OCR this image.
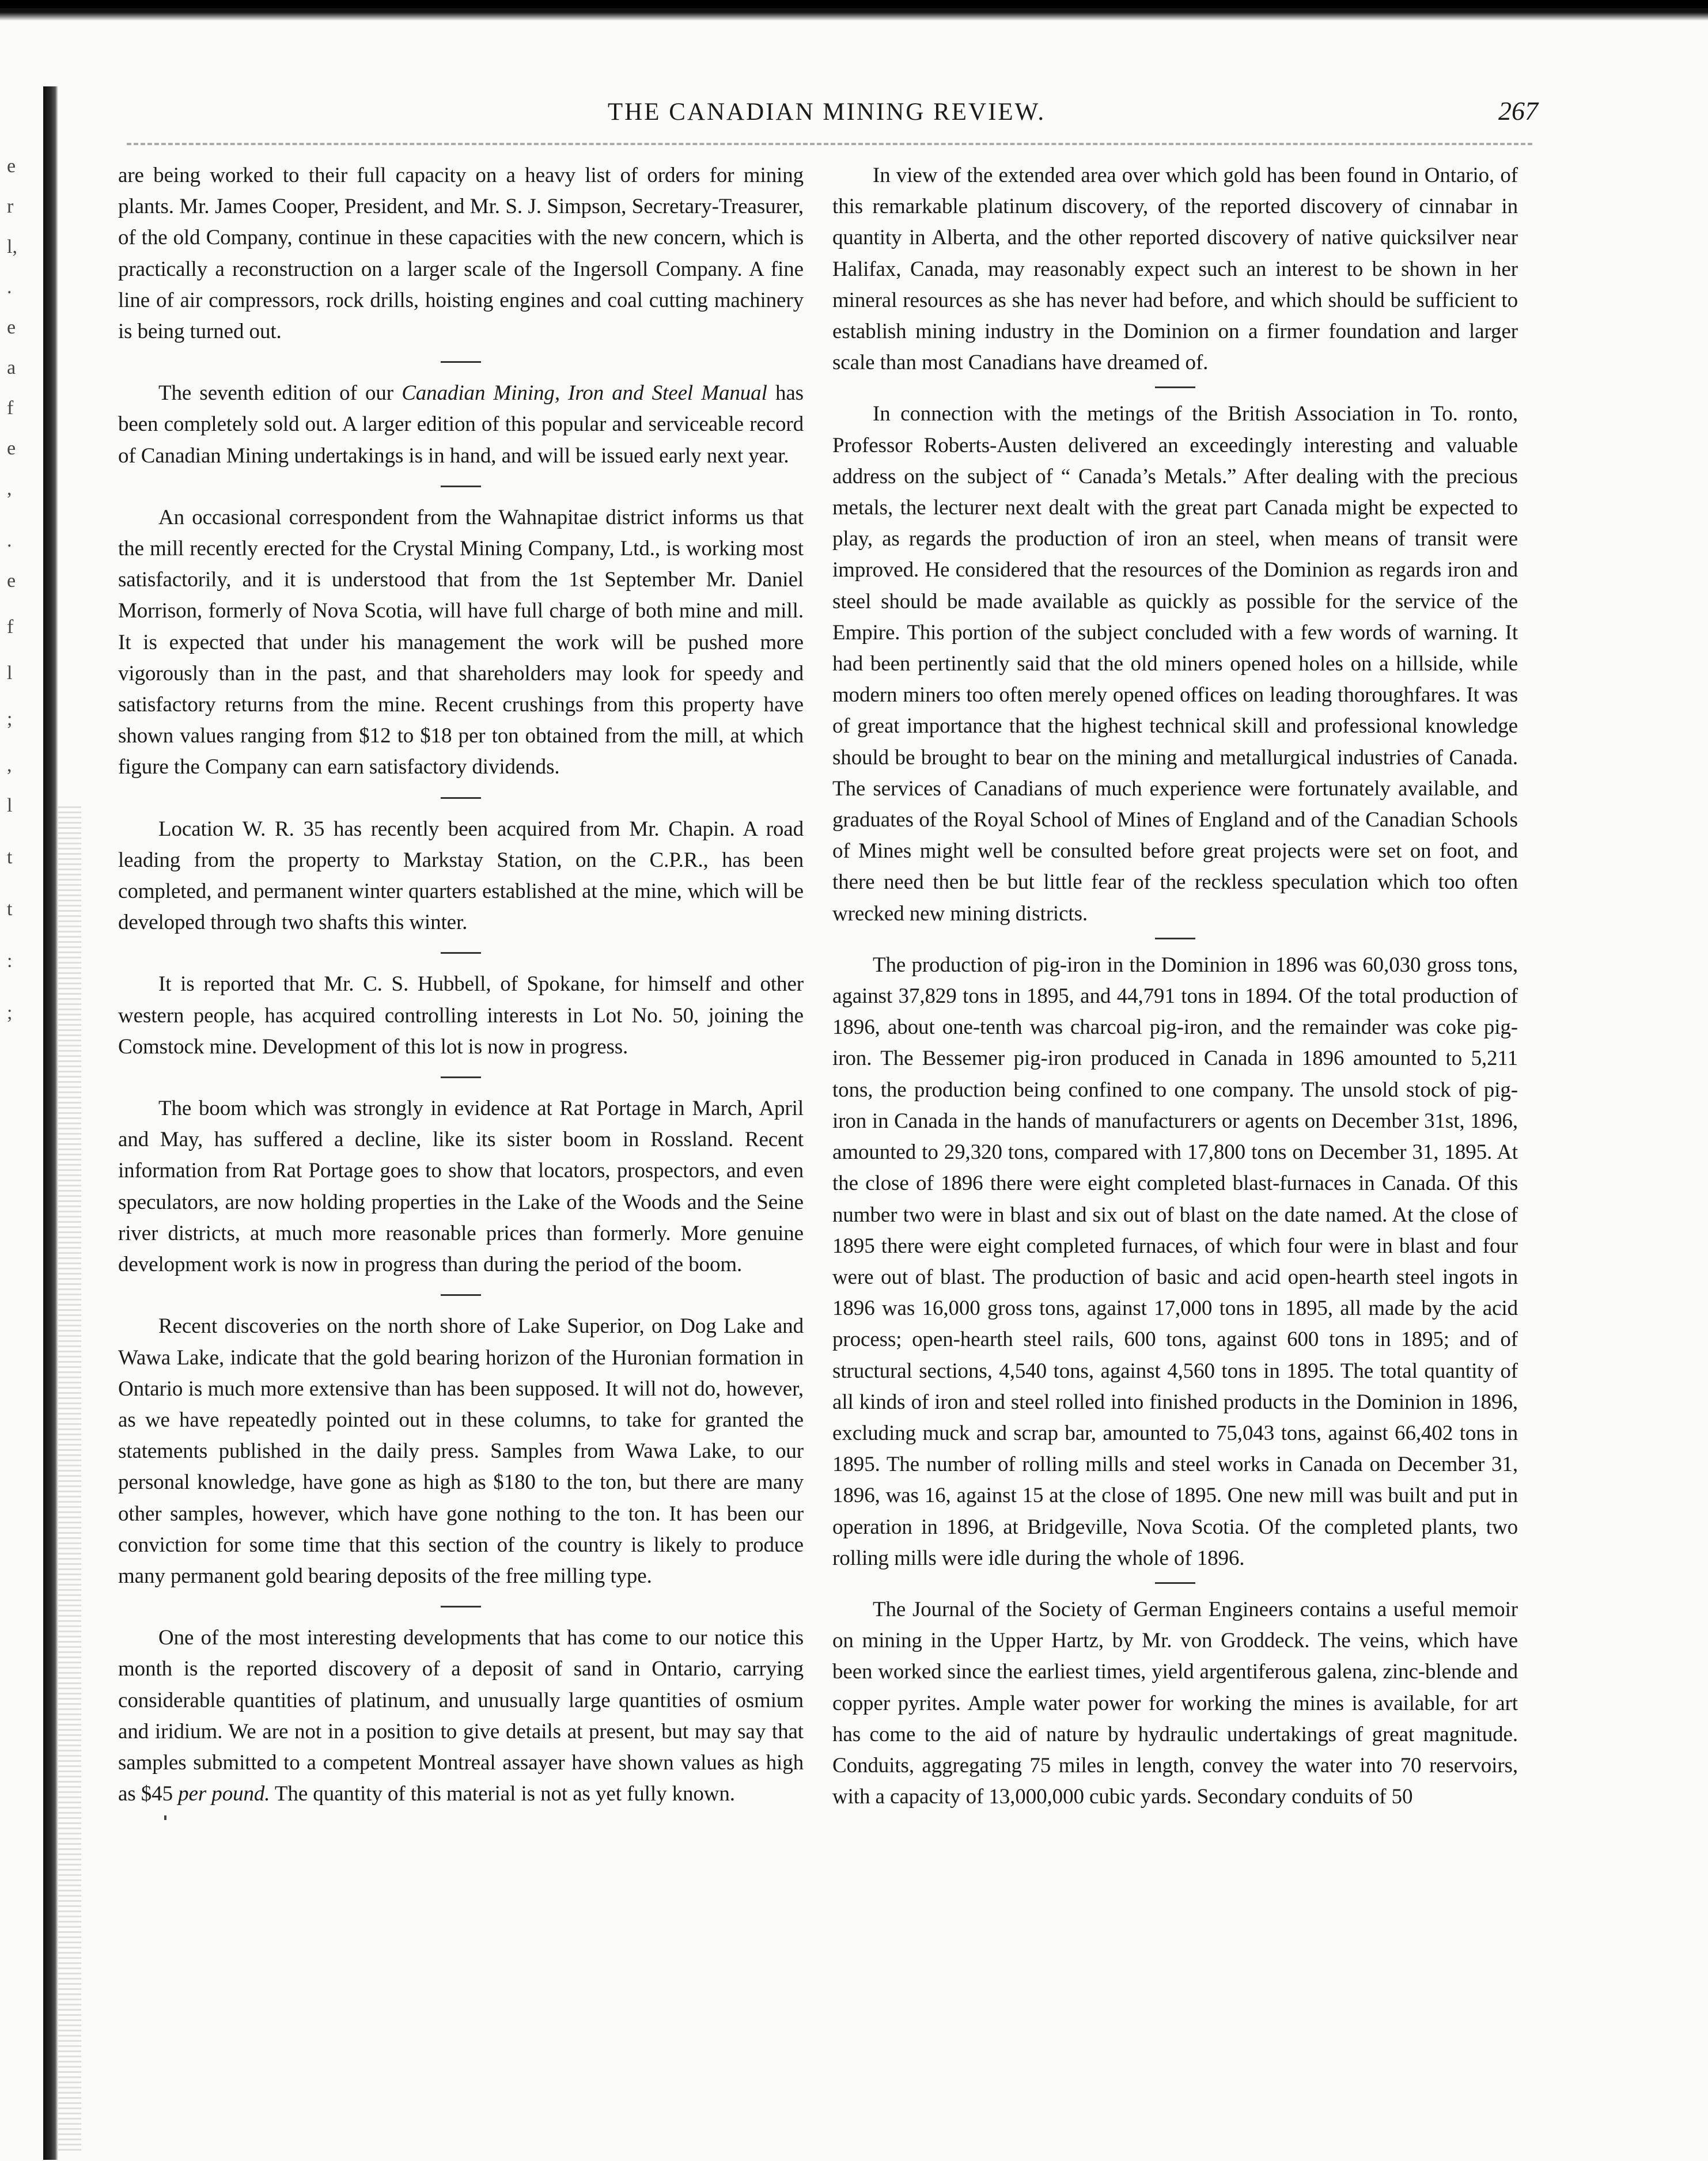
e
r
l,
.
e
a
f
e
,
.
e
f
l
;
,
l
t
t
:
;
THE CANADIAN MINING REVIEW.	267

are being worked to their full capacity on a heavy list of orders for mining plants. Mr. James Cooper, President, and Mr. S. J. Simpson, Secretary-Treasurer, of the old Company, continue in these capacities with the new concern, which is practically a reconstruction on a larger scale of the Ingersoll Company. A fine line of air compressors, rock drills, hoisting engines and coal cutting machinery is being turned out.

The seventh edition of our Canadian Mining, Iron and Steel Manual has been completely sold out. A larger edition of this popular and serviceable record of Canadian Mining undertakings is in hand, and will be issued early next year.

An occasional correspondent from the Wahnapitae district informs us that the mill recently erected for the Crystal Mining Company, Ltd., is working most satisfactorily, and it is understood that from the 1st September Mr. Daniel Morrison, formerly of Nova Scotia, will have full charge of both mine and mill. It is expected that under his management the work will be pushed more vigorously than in the past, and that shareholders may look for speedy and satisfactory returns from the mine. Recent crushings from this property have shown values ranging from $12 to $18 per ton obtained from the mill, at which figure the Company can earn satisfactory dividends.

Location W. R. 35 has recently been acquired from Mr. Chapin. A road leading from the property to Markstay Station, on the C.P.R., has been completed, and permanent winter quarters established at the mine, which will be developed through two shafts this winter.

It is reported that Mr. C. S. Hubbell, of Spokane, for himself and other western people, has acquired controlling interests in Lot No. 50, joining the Comstock mine. Development of this lot is now in progress.

The boom which was strongly in evidence at Rat Portage in March, April and May, has suffered a decline, like its sister boom in Rossland. Recent information from Rat Portage goes to show that locators, prospectors, and even speculators, are now holding properties in the Lake of the Woods and the Seine river districts, at much more reasonable prices than formerly. More genuine development work is now in progress than during the period of the boom.

Recent discoveries on the north shore of Lake Superior, on Dog Lake and Wawa Lake, indicate that the gold bearing horizon of the Huronian formation in Ontario is much more extensive than has been supposed. It will not do, however, as we have repeatedly pointed out in these columns, to take for granted the statements published in the daily press. Samples from Wawa Lake, to our personal knowledge, have gone as high as $180 to the ton, but there are many other samples, however, which have gone nothing to the ton. It has been our conviction for some time that this section of the country is likely to produce many permanent gold bearing deposits of the free milling type.

One of the most interesting developments that has come to our notice this month is the reported discovery of a deposit of sand in Ontario, carrying considerable quantities of platinum, and unusually large quantities of osmium and iridium. We are not in a position to give details at present, but may say that samples submitted to a competent Montreal assayer have shown values as high as $45 per pound. The quantity of this material is not as yet fully known.

In view of the extended area over which gold has been found in Ontario, of this remarkable platinum discovery, of the reported discovery of cinnabar in quantity in Alberta, and the other reported discovery of native quicksilver near Halifax, Canada, may reasonably expect such an interest to be shown in her mineral resources as she has never had before, and which should be sufficient to establish mining industry in the Dominion on a firmer foundation and larger scale than most Canadians have dreamed of.

In connection with the metings of the British Association in To. ronto, Professor Roberts-Austen delivered an exceedingly interesting and valuable address on the subject of “ Canada’s Metals.” After dealing with the precious metals, the lecturer next dealt with the great part Canada might be expected to play, as regards the production of iron an steel, when means of transit were improved. He considered that the resources of the Dominion as regards iron and steel should be made available as quickly as possible for the service of the Empire. This portion of the subject concluded with a few words of warning. It had been pertinently said that the old miners opened holes on a hillside, while modern miners too often merely opened offices on leading thoroughfares. It was of great importance that the highest technical skill and professional knowledge should be brought to bear on the mining and metallurgical industries of Canada. The services of Canadians of much experience were fortunately available, and graduates of the Royal School of Mines of England and of the Canadian Schools of Mines might well be consulted before great projects were set on foot, and there need then be but little fear of the reckless speculation which too often wrecked new mining districts.

The production of pig-iron in the Dominion in 1896 was 60,030 gross tons, against 37,829 tons in 1895, and 44,791 tons in 1894. Of the total production of 1896, about one-tenth was charcoal pig-iron, and the remainder was coke pig-iron. The Bessemer pig-iron produced in Canada in 1896 amounted to 5,211 tons, the production being confined to one company. The unsold stock of pig-iron in Canada in the hands of manufacturers or agents on December 31st, 1896, amounted to 29,320 tons, compared with 17,800 tons on December 31, 1895. At the close of 1896 there were eight completed blast-furnaces in Canada. Of this number two were in blast and six out of blast on the date named. At the close of 1895 there were eight completed furnaces, of which four were in blast and four were out of blast. The production of basic and acid open-hearth steel ingots in 1896 was 16,000 gross tons, against 17,000 tons in 1895, all made by the acid process; open-hearth steel rails, 600 tons, against 600 tons in 1895; and of structural sections, 4,540 tons, against 4,560 tons in 1895. The total quantity of all kinds of iron and steel rolled into finished products in the Dominion in 1896, excluding muck and scrap bar, amounted to 75,043 tons, against 66,402 tons in 1895. The number of rolling mills and steel works in Canada on December 31, 1896, was 16, against 15 at the close of 1895. One new mill was built and put in operation in 1896, at Bridgeville, Nova Scotia. Of the completed plants, two rolling mills were idle during the whole of 1896.

The Journal of the Society of German Engineers contains a useful memoir on mining in the Upper Hartz, by Mr. von Groddeck. The veins, which have been worked since the earliest times, yield argentiferous galena, zinc-blende and copper pyrites. Ample water power for working the mines is available, for art has come to the aid of nature by hydraulic undertakings of great magnitude. Conduits, aggregating 75 miles in length, convey the water into 70 reservoirs, with a capacity of 13,000,000 cubic yards. Secondary conduits of 50
